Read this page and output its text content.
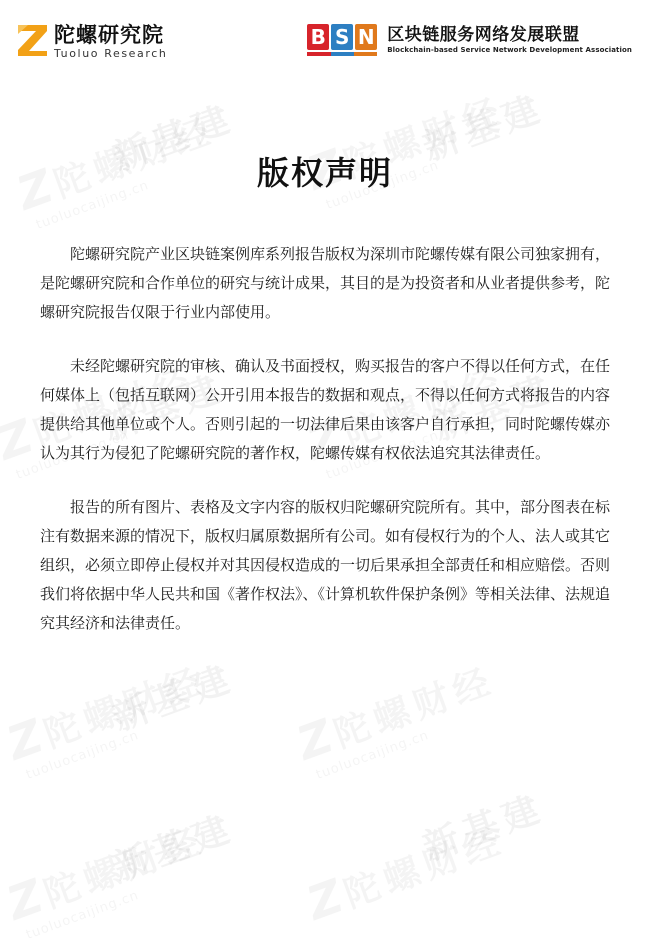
新基建	新基建
新基建	新基建
新基建
新基建
新基建
陀螺研究院
Tuoluo Research
B S N 区块链服务网络发展联盟
Blockchain-based Service Network Development Association
版权声明

陀螺研究院产业区块链案例库系列报告版权为深圳市陀螺传媒有限公司独家拥有，是陀螺研究院和合作单位的研究与统计成果，其目的是为投资者和从业者提供参考，陀螺研究院报告仅限于行业内部使用。

未经陀螺研究院的审核、确认及书面授权，购买报告的客户不得以任何方式，在任何媒体上（包括互联网）公开引用本报告的数据和观点，不得以任何方式将报告的内容提供给其他单位或个人。否则引起的一切法律后果由该客户自行承担，同时陀螺传媒亦认为其行为侵犯了陀螺研究院的著作权，陀螺传媒有权依法追究其法律责任。

报告的所有图片、表格及文字内容的版权归陀螺研究院所有。其中，部分图表在标注有数据来源的情况下，版权归属原数据所有公司。如有侵权行为的个人、法人或其它组织，必须立即停止侵权并对其因侵权造成的一切后果承担全部责任和相应赔偿。否则我们将依据中华人民共和国《著作权法》、《计算机软件保护条例》等相关法律、法规追究其经济和法律责任。
